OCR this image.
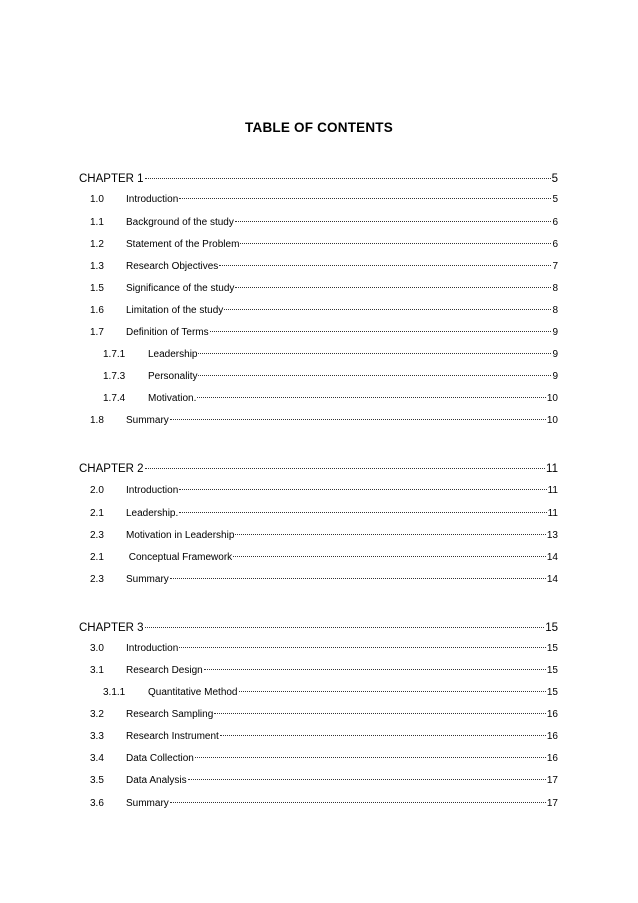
TABLE OF CONTENTS
CHAPTER 1	5
1.0	Introduction	5
1.1	Background of the study	6
1.2	Statement of the Problem	6
1.3	Research Objectives	7
1.5	Significance of the study	8
1.6	Limitation of the study	8
1.7	Definition of Terms	9
1.7.1	Leadership	9
1.7.3	Personality	9
1.7.4	Motivation.	10
1.8	Summary	10
CHAPTER 2	11
2.0	Introduction	11
2.1	Leadership.	11
2.3	Motivation in Leadership	13
2.1	Conceptual Framework	14
2.3	Summary	14
CHAPTER 3	15
3.0	Introduction	15
3.1	Research Design	15
3.1.1	Quantitative Method	15
3.2	Research Sampling	16
3.3	Research Instrument	16
3.4	Data Collection	16
3.5	Data Analysis	17
3.6	Summary	17
